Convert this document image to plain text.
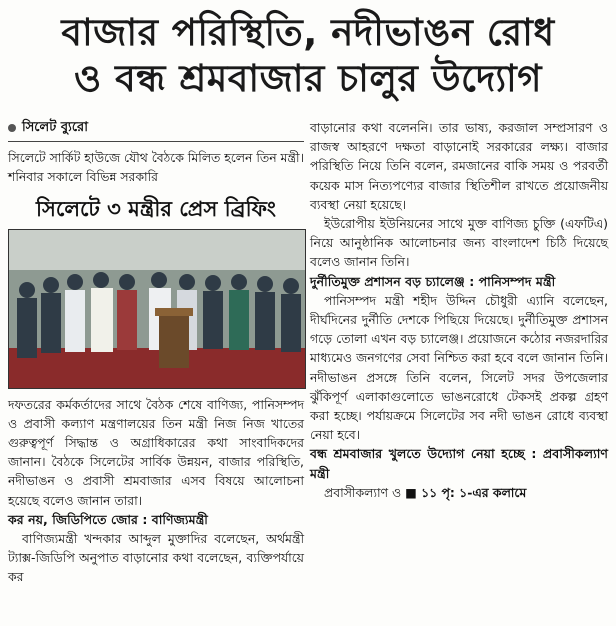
বাজার পরিস্থিতি, নদীভাঙন রোধ
ও বন্ধ শ্রমবাজার চালুর উদ্যোগ
সিলেট ব্যুরো

সিলেটে সার্কিট হাউজে যৌথ বৈঠকে মিলিত হলেন তিন মন্ত্রী। শনিবার সকালে বিভিন্ন সরকারি

সিলেটে ৩ মন্ত্রীর প্রেস ব্রিফিং

দফতরের কর্মকর্তাদের সাথে বৈঠক শেষে বাণিজ্য, পানিসম্পদ ও প্রবাসী কল্যাণ মন্ত্রণালয়ের তিন মন্ত্রী নিজ নিজ খাতের গুরুত্বপূর্ণ সিদ্ধান্ত ও অগ্রাধিকারের কথা সাংবাদিকদের জানান। বৈঠকে সিলেটের সার্বিক উন্নয়ন, বাজার পরিস্থিতি, নদীভাঙন ও প্রবাসী শ্রমবাজার এসব বিষয়ে আলোচনা হয়েছে বলেও জানান তারা।

কর নয়, জিডিপিতে জোর : বাণিজ্যমন্ত্রী

বাণিজ্যমন্ত্রী খন্দকার আব্দুল মুক্তাদির বলেছেন, অর্থমন্ত্রী ট্যাক্স-জিডিপি অনুপাত বাড়ানোর কথা বলেছেন, ব্যক্তিপর্যায়ে কর

বাড়ানোর কথা বলেননি। তার ভাষ্য, করজাল সম্প্রসারণ ও রাজস্ব আহরণে দক্ষতা বাড়ানোই সরকারের লক্ষ্য। বাজার পরিস্থিতি নিয়ে তিনি বলেন, রমজানের বাকি সময় ও পরবর্তী কয়েক মাস নিত্যপণ্যের বাজার স্থিতিশীল রাখতে প্রয়োজনীয় ব্যবস্থা নেয়া হয়েছে।

ইউরোপীয় ইউনিয়নের সাথে মুক্ত বাণিজ্য চুক্তি (এফটিএ) নিয়ে আনুষ্ঠানিক আলোচনার জন্য বাংলাদেশ চিঠি দিয়েছে বলেও জানান তিনি।

দুর্নীতিমুক্ত প্রশাসন বড় চ্যালেঞ্জ : পানিসম্পদ মন্ত্রী

পানিসম্পদ মন্ত্রী শহীদ উদ্দিন চৌধুরী এ্যানি বলেছেন, দীর্ঘদিনের দুর্নীতি দেশকে পিছিয়ে দিয়েছে। দুর্নীতিমুক্ত প্রশাসন গড়ে তোলা এখন বড় চ্যালেঞ্জ। প্রয়োজনে কঠোর নজরদারির মাধ্যমেও জনগণের সেবা নিশ্চিত করা হবে বলে জানান তিনি। নদীভাঙন প্রসঙ্গে তিনি বলেন, সিলেট সদর উপজেলার ঝুঁকিপূর্ণ এলাকাগুলোতে ভাঙনরোধে টেকসই প্রকল্প গ্রহণ করা হচ্ছে। পর্যায়ক্রমে সিলেটের সব নদী ভাঙন রোধে ব্যবস্থা নেয়া হবে।

বন্ধ শ্রমবাজার খুলতে উদ্যোগ নেয়া হচ্ছে : প্রবাসীকল্যাণ মন্ত্রী

প্রবাসীকল্যাণ ও ■ ১১ পৃ: ১-এর কলামে
